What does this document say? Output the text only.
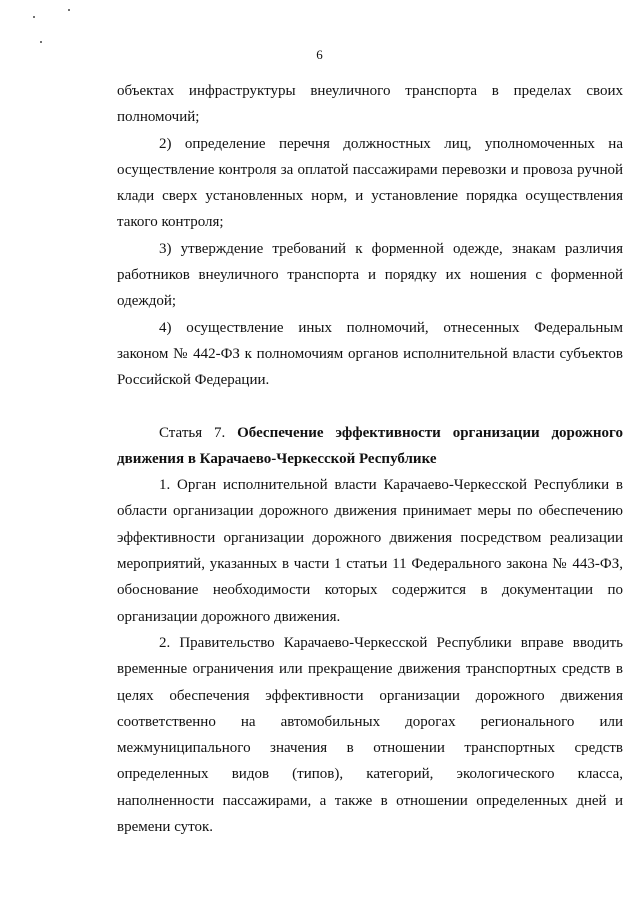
6

объектах инфраструктуры внеуличного транспорта в пределах своих полномочий;

2) определение перечня должностных лиц, уполномоченных на осуществление контроля за оплатой пассажирами перевозки и провоза ручной клади сверх установленных норм, и установление порядка осуществления такого контроля;

3) утверждение требований к форменной одежде, знакам различия работников внеуличного транспорта и порядку их ношения с форменной одеждой;

4) осуществление иных полномочий, отнесенных Федеральным законом № 442-ФЗ к полномочиям органов исполнительной власти субъектов Российской Федерации.

Статья 7. Обеспечение эффективности организации дорожного движения в Карачаево-Черкесской Республике

1. Орган исполнительной власти Карачаево-Черкесской Республики в области организации дорожного движения принимает меры по обеспечению эффективности организации дорожного движения посредством реализации мероприятий, указанных в части 1 статьи 11 Федерального закона № 443-ФЗ, обоснование необходимости которых содержится в документации по организации дорожного движения.

2. Правительство Карачаево-Черкесской Республики вправе вводить временные ограничения или прекращение движения транспортных средств в целях обеспечения эффективности организации дорожного движения соответственно на автомобильных дорогах регионального или межмуниципального значения в отношении транспортных средств определенных видов (типов), категорий, экологического класса, наполненности пассажирами, а также в отношении определенных дней и времени суток.
